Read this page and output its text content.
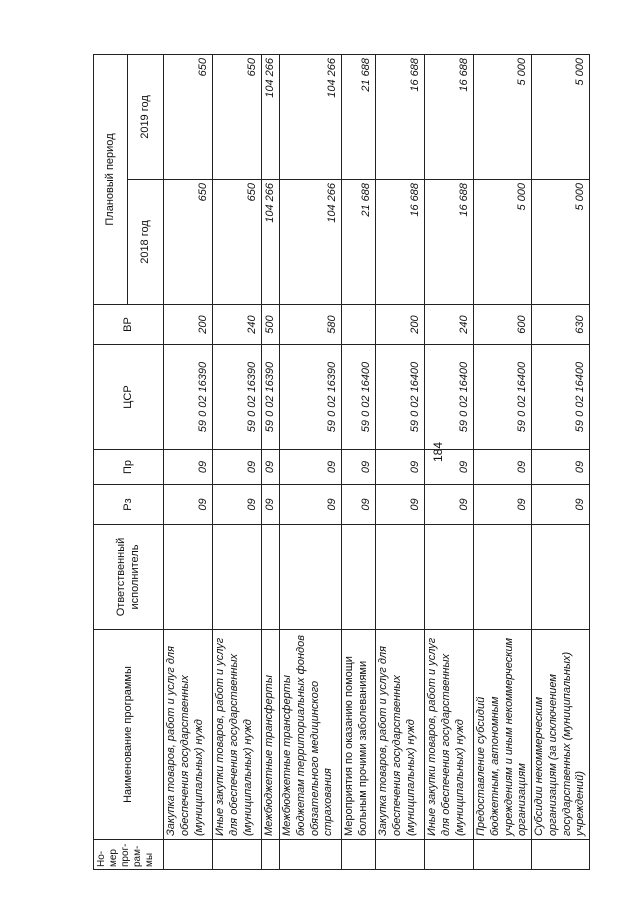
184
Но-
мер
прог-
рам-
мы	Наименование программы	Ответственный исполнитель	Рз	Пр	ЦСР	ВР	Плановый период	
							2018 год	2019 год
	Закупка товаров, работ и услуг для обеспечения государственных (муниципальных) нужд		09	09	59 0 02 16390	200	650	650
	Иные закупки товаров, работ и услуг для обеспечения государственных (муниципальных) нужд		09	09	59 0 02 16390	240	650	650
	Межбюджетные трансферты		09	09	59 0 02 16390	500	104 266	104 266
	Межбюджетные трансферты бюджетам территориальных фондов обязательного медицинского страхования		09	09	59 0 02 16390	580	104 266	104 266
	Мероприятия по оказанию помощи больным прочими заболеваниями		09	09	59 0 02 16400		21 688	21 688
	Закупка товаров, работ и услуг для обеспечения государственных (муниципальных) нужд		09	09	59 0 02 16400	200	16 688	16 688
	Иные закупки товаров, работ и услуг для обеспечения государственных (муниципальных) нужд		09	09	59 0 02 16400	240	16 688	16 688
	Предоставление субсидий бюджетным, автономным учреждениям и иным некоммерческим организациям		09	09	59 0 02 16400	600	5 000	5 000
	Субсидии некоммерческим организациям (за исключением государственных (муниципальных) учреждений)		09	09	59 0 02 16400	630	5 000	5 000
